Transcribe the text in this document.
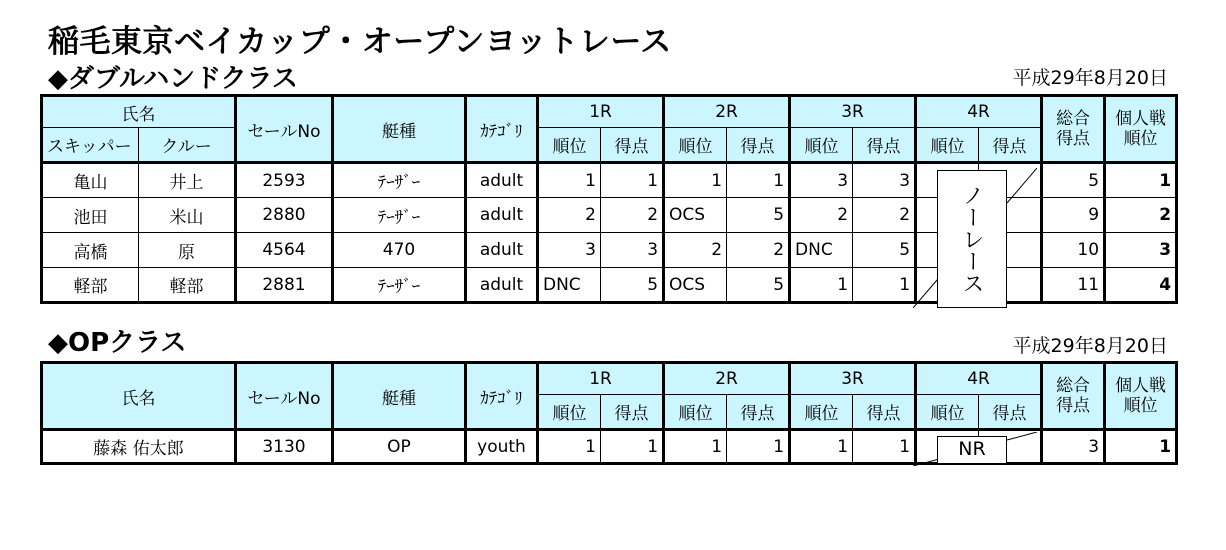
稲毛東京ベイカップ・オープンヨットレース
◆ダブルハンドクラス	平成29年8月20日
氏名		セールNo	艇種	ｶﾃｺﾞﾘ	1R		2R		3R		4R		総合
得点	個人戦
順位
スキッパー	クルー				順位	得点	順位	得点	順位	得点	順位	得点		
亀山	井上	2593	ﾃｰｻﾞｰ	adult	1	1	1	1	3	3			5	1
池田	米山	2880	ﾃｰｻﾞｰ	adult	2	2	OCS	5	2	2			9	2
高橋	原	4564	470	adult	3	3	2	2	DNC	5			10	3
軽部	軽部	2881	ﾃｰｻﾞｰ	adult	DNC	5	OCS	5	1	1			11	4
ノーレース
◆OPクラス	平成29年8月20日
氏名	セールNo	艇種	ｶﾃｺﾞﾘ	1R		2R		3R		4R		総合
得点	個人戦
順位
				順位	得点	順位	得点	順位	得点	順位	得点		
藤森 佑太郎	3130	OP	youth	1	1	1	1	1	1			3	1
NR
